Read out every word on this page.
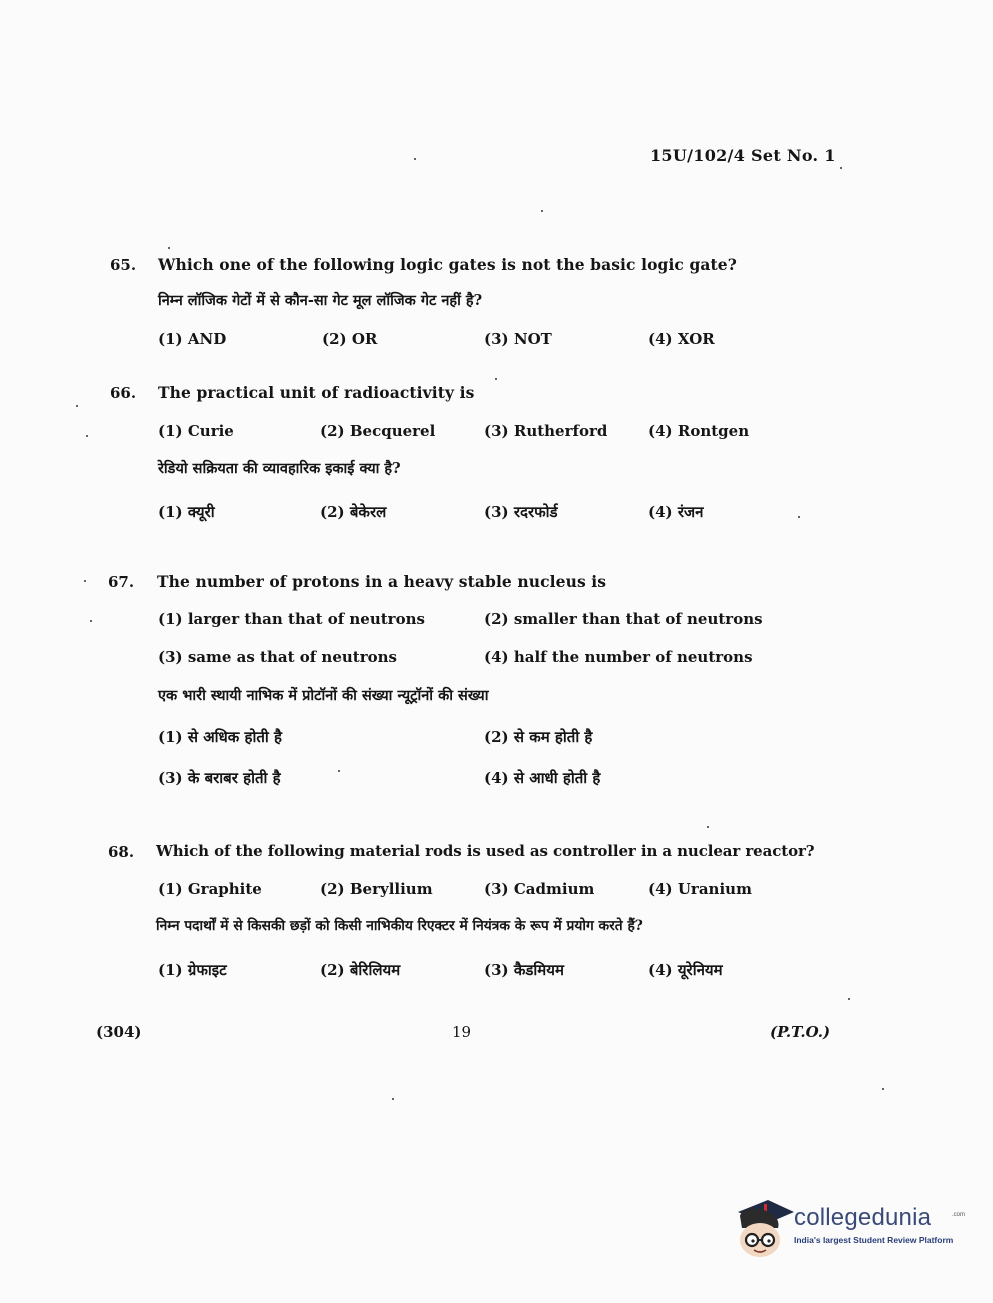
15U/102/4 Set No. 1
65. Which one of the following logic gates is not the basic logic gate?
निम्न लॉजिक गेटों में से कौन-सा गेट मूल लॉजिक गेट नहीं है?
(1) AND	(2) OR	(3) NOT	(4) XOR
66. The practical unit of radioactivity is
(1) Curie	(2) Becquerel	(3) Rutherford	(4) Rontgen
रेडियो सक्रियता की व्यावहारिक इकाई क्या है?
(1) क्यूरी	(2) बेकेरल	(3) रदरफोर्ड	(4) रंजन
67. The number of protons in a heavy stable nucleus is
(1) larger than that of neutrons	(2) smaller than that of neutrons
(3) same as that of neutrons	(4) half the number of neutrons
एक भारी स्थायी नाभिक में प्रोटॉनों की संख्या न्यूट्रॉनों की संख्या
(1) से अधिक होती है	(2) से कम होती है
(3) के बराबर होती है	(4) से आधी होती है
68. Which of the following material rods is used as controller in a nuclear reactor?
(1) Graphite	(2) Beryllium	(3) Cadmium	(4) Uranium
निम्न पदार्थों में से किसकी छड़ों को किसी नाभिकीय रिएक्टर में नियंत्रक के रूप में प्रयोग करते हैं?
(1) ग्रेफाइट	(2) बेरिलियम	(3) कैडमियम	(4) यूरेनियम
(304)	19	(P.T.O.)
collegedunia	.com
India's largest Student Review Platform
